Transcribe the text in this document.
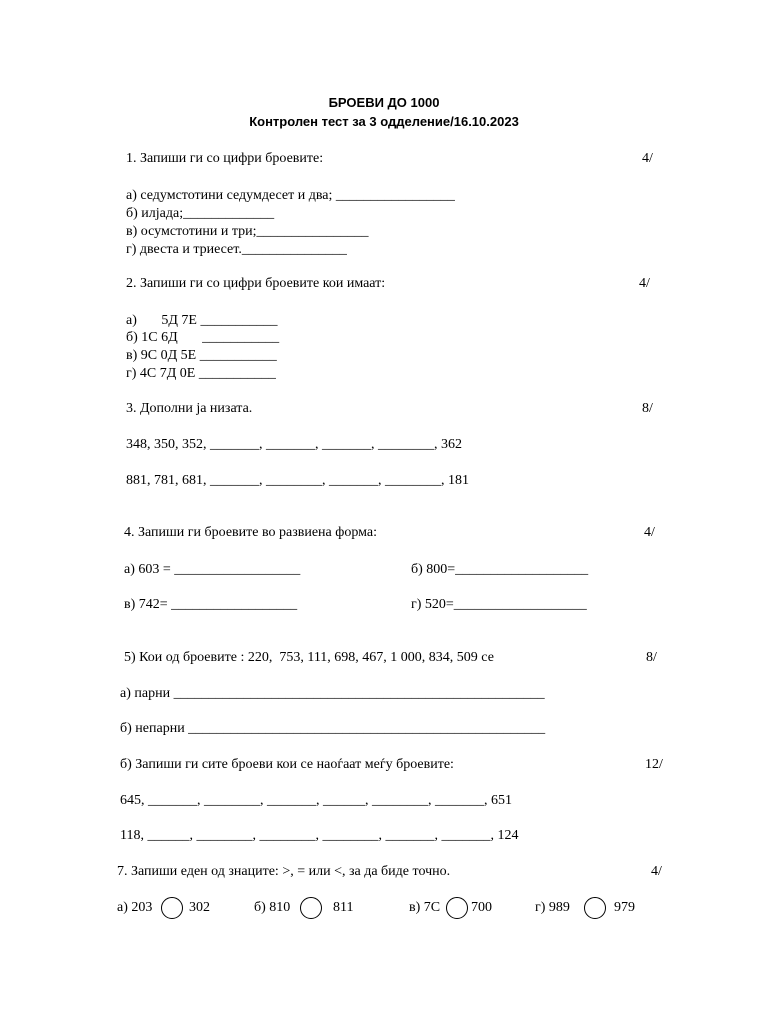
БРОЕВИ ДО 1000
Контролен тест за 3 одделение/16.10.2023
1. Запиши ги со цифри броевите:	4/
а) седумстотини седумдесет и два; _________________
б) илјада;_____________
в) осумстотини и три;________________
г) двеста и триесет._______________
2. Запиши ги со цифри броевите кои имаат:	4/
а)       5Д 7Е ___________
б) 1С 6Д       ___________
в) 9С 0Д 5Е ___________
г) 4С 7Д 0Е ___________
3. Дополни ја низата.	8/
348, 350, 352, _______, _______, _______, ________, 362
881, 781, 681, _______, ________, _______, ________, 181
4. Запиши ги броевите во развиена форма:	4/
а) 603 = __________________	б) 800=___________________
в) 742= __________________	г) 520=___________________
5) Кои од броевите : 220,  753, 111, 698, 467, 1 000, 834, 509 се	8/
а) парни _____________________________________________________
б) непарни ___________________________________________________
б) Запиши ги сите броеви кои се наоѓаат меѓу броевите:	12/
645, _______, ________, _______, ______, ________, _______, 651
118, ______, ________, ________, ________, _______, _______, 124
7. Запиши еден од знаците: >, = или <, за да биде точно.	4/
а) 203	302	б) 810	811	в) 7С 700	г) 989	979
